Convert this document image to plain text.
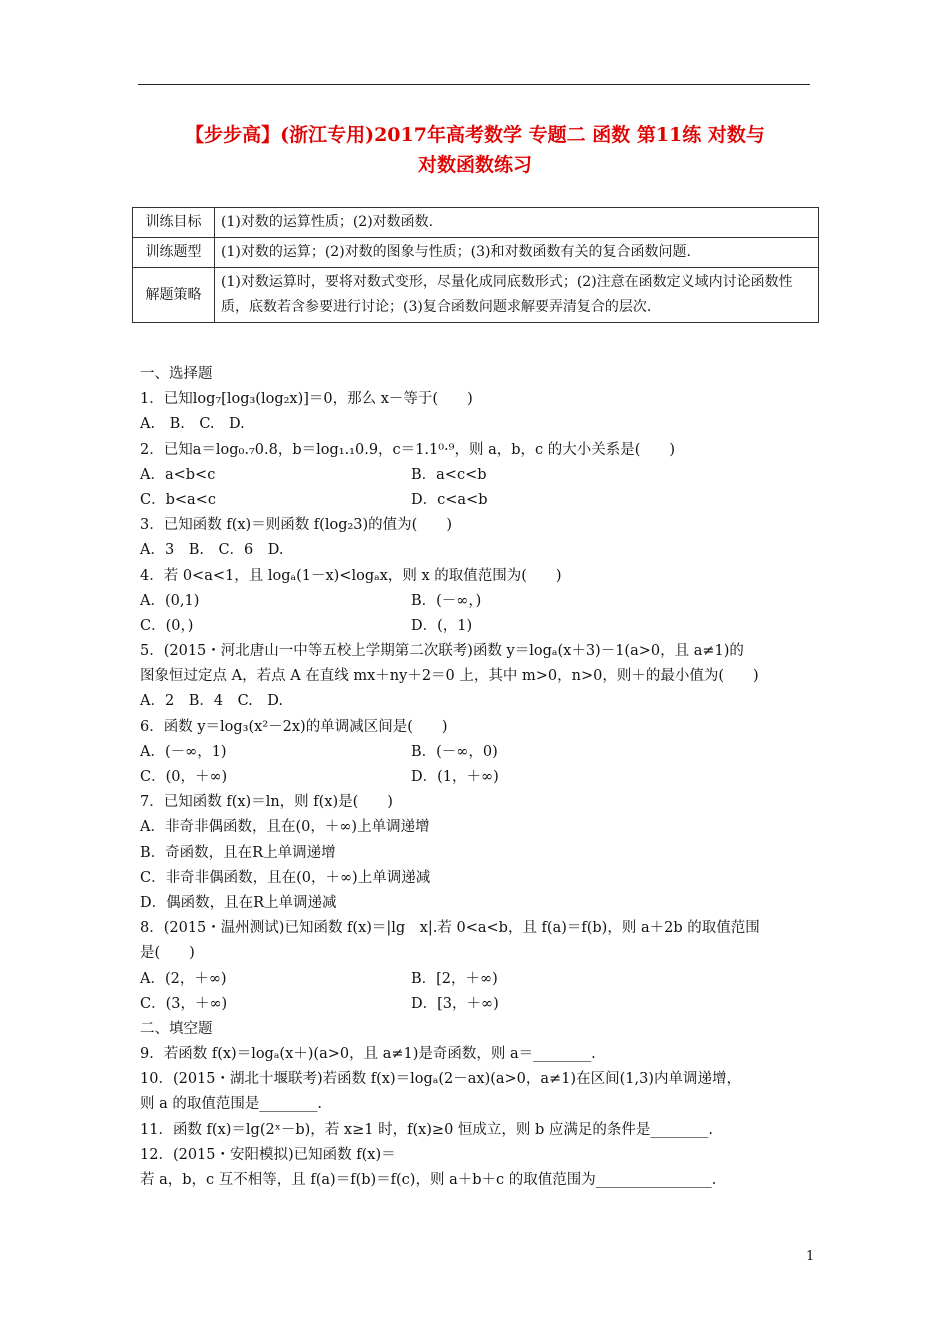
【步步高】(浙江专用)2017年高考数学 专题二 函数 第11练 对数与
对数函数练习
训练目标	(1)对数的运算性质；(2)对数函数.
训练题型	(1)对数的运算；(2)对数的图象与性质；(3)和对数函数有关的复合函数问题.
解题策略	(1)对数运算时，要将对数式变形，尽量化成同底数形式；(2)注意在函数定义域内讨论函数性质，底数若含参要进行讨论；(3)复合函数问题求解要弄清复合的层次.
一、选择题
1．已知log₇[log₃(log₂x)]＝0，那么 x－等于(　　)
A.　B.　C.　D.
2．已知a＝log₀.₇0.8，b＝log₁.₁0.9，c＝1.1⁰·⁹，则 a，b，c 的大小关系是(　　)
A．a<b<c	B．a<c<b
C．b<a<c	D．c<a<b
3．已知函数 f(x)＝则函数 f(log₂3)的值为(　　)
A．3　B.　C．6　D.
4．若 0<a<1，且 logₐ(1－x)<logₐx，则 x 的取值范围为(　　)
A．(0,1)	B．(－∞，)
C．(0，)	D．(，1)
5．(2015・河北唐山一中等五校上学期第二次联考)函数 y＝logₐ(x＋3)－1(a>0，且 a≠1)的
图象恒过定点 A，若点 A 在直线 mx＋ny＋2＝0 上，其中 m>0，n>0，则＋的最小值为(　　)
A．2　B．4　C.　D.
6．函数 y＝log₃(x²－2x)的单调减区间是(　　)
A．(－∞，1)	B．(－∞，0)
C．(0，＋∞)	D．(1，＋∞)
7．已知函数 f(x)＝ln，则 f(x)是(　　)
A．非奇非偶函数，且在(0，＋∞)上单调递增
B．奇函数，且在R上单调递增
C．非奇非偶函数，且在(0，＋∞)上单调递减
D．偶函数，且在R上单调递减
8．(2015・温州测试)已知函数 f(x)＝|lg　x|.若 0<a<b，且 f(a)＝f(b)，则 a＋2b 的取值范围
是(　　)
A．(2，＋∞)	B．[2，＋∞)
C．(3，＋∞)	D．[3，＋∞)
二、填空题
9．若函数 f(x)＝logₐ(x＋)(a>0，且 a≠1)是奇函数，则 a＝________.
10．(2015・湖北十堰联考)若函数 f(x)＝logₐ(2－ax)(a>0，a≠1)在区间(1,3)内单调递增，
则 a 的取值范围是________.
11．函数 f(x)＝lg(2ˣ－b)，若 x≥1 时，f(x)≥0 恒成立，则 b 应满足的条件是________.
12．(2015・安阳模拟)已知函数 f(x)＝
若 a，b，c 互不相等，且 f(a)＝f(b)＝f(c)，则 a＋b＋c 的取值范围为________________.
1
